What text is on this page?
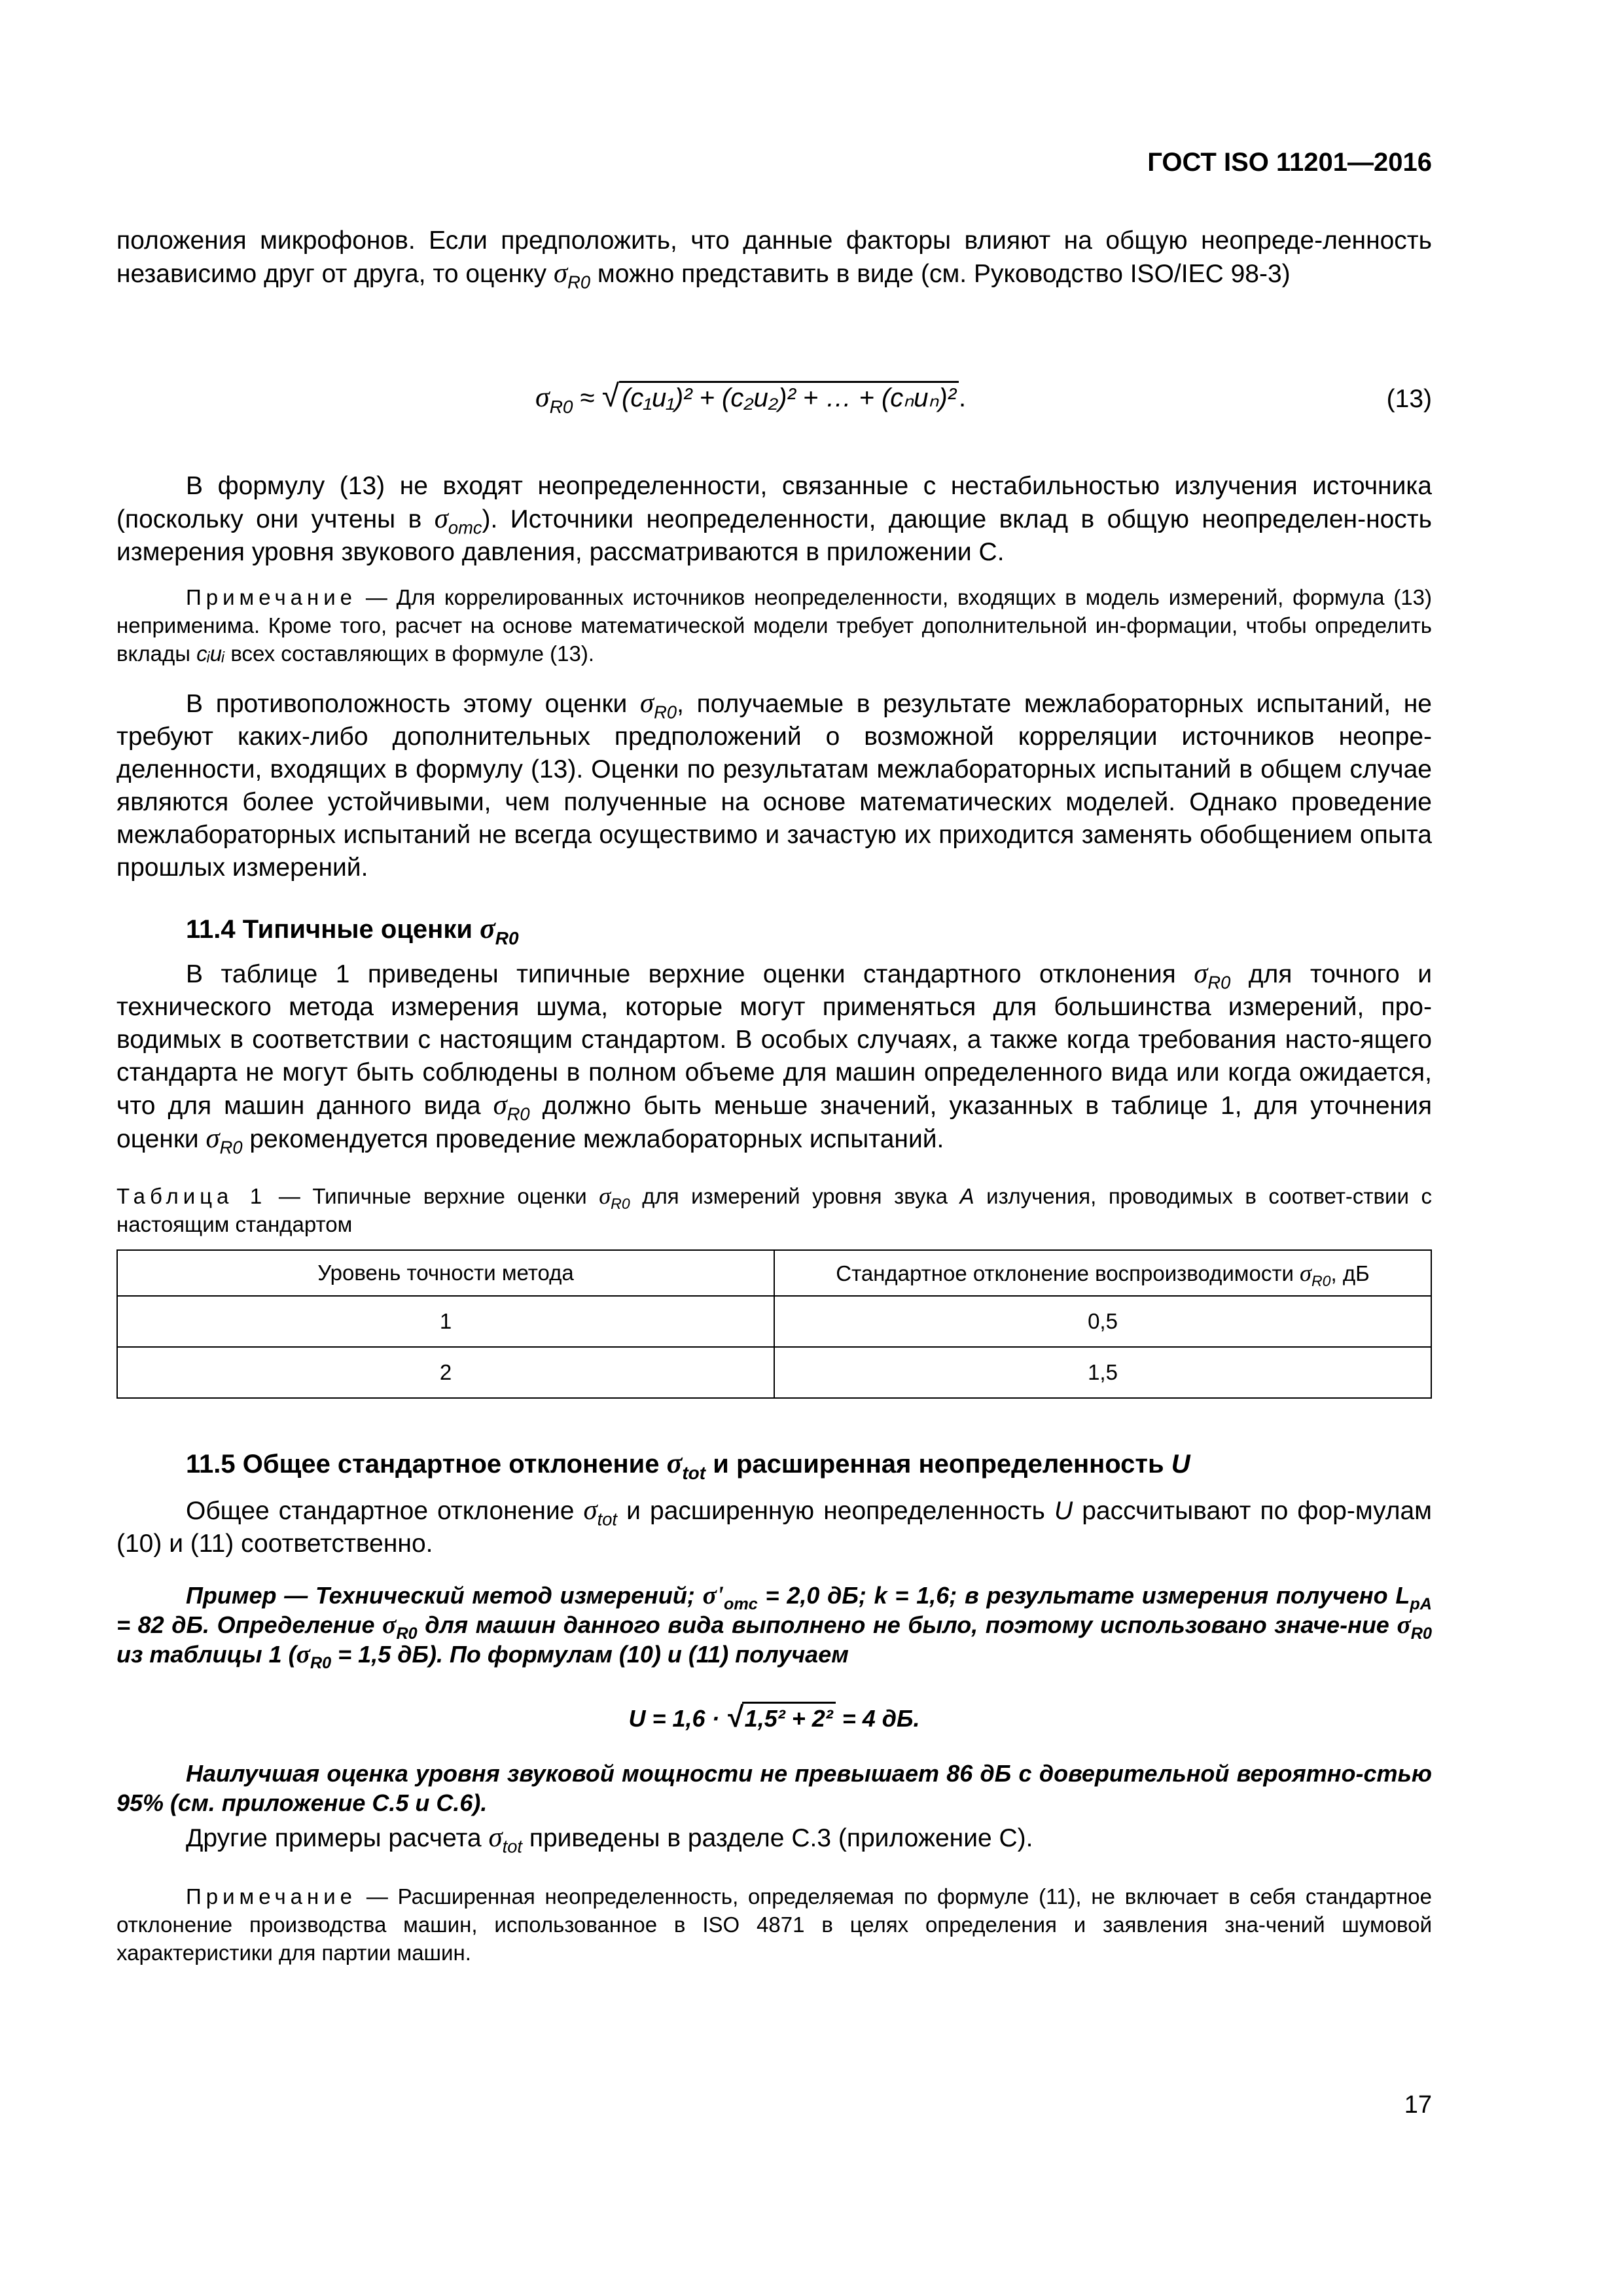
ГОСТ ISO 11201—2016

положения микрофонов. Если предположить, что данные факторы влияют на общую неопреде-ленность независимо друг от друга, то оценку $\sigma_{R0}$ можно представить в виде (см. Руководство ISO/IEC 98-3)

$\sigma_{R0}$ ≈ √ (c₁u₁)² + (c₂u₂)² + … + (cₙuₙ)² .	(13)

В формулу (13) не входят неопределенности, связанные с нестабильностью излучения источника (поскольку они учтены в $\sigma_{omc}$). Источники неопределенности, дающие вклад в общую неопределен-ность измерения уровня звукового давления, рассматриваются в приложении С.

Примечание — Для коррелированных источников неопределенности, входящих в модель измерений, формула (13) неприменима. Кроме того, расчет на основе математической модели требует дополнительной ин-формации, чтобы определить вклады cᵢuᵢ всех составляющих в формуле (13).

В противоположность этому оценки $\sigma_{R0}$, получаемые в результате межлабораторных испытаний, не требуют каких-либо дополнительных предположений о возможной корреляции источников неопре-деленности, входящих в формулу (13). Оценки по результатам межлабораторных испытаний в общем случае являются более устойчивыми, чем полученные на основе математических моделей. Однако проведение межлабораторных испытаний не всегда осуществимо и зачастую их приходится заменять обобщением опыта прошлых измерений.

11.4 Типичные оценки $\sigma_{R0}$

В таблице 1 приведены типичные верхние оценки стандартного отклонения $\sigma_{R0}$ для точного и технического метода измерения шума, которые могут применяться для большинства измерений, про-водимых в соответствии с настоящим стандартом. В особых случаях, а также когда требования насто-ящего стандарта не могут быть соблюдены в полном объеме для машин определенного вида или когда ожидается, что для машин данного вида $\sigma_{R0}$ должно быть меньше значений, указанных в таблице 1, для уточнения оценки $\sigma_{R0}$ рекомендуется проведение межлабораторных испытаний.

Таблица 1 — Типичные верхние оценки $\sigma_{R0}$ для измерений уровня звука A излучения, проводимых в соответ-ствии с настоящим стандартом

Уровень точности метода	Стандартное отклонение воспроизводимости $\sigma_{R0}$, дБ
1	0,5
2	1,5

11.5 Общее стандартное отклонение $\sigma_{tot}$ и расширенная неопределенность U

Общее стандартное отклонение $\sigma_{tot}$ и расширенную неопределенность U рассчитывают по фор-мулам (10) и (11) соответственно.

Пример — Технический метод измерений; $\sigma'_{omc} = 2,0$ дБ; k = 1,6; в результате измерения получено $L_{pA} = 82$ дБ. Определение $\sigma_{R0}$ для машин данного вида выполнено не было, поэтому использовано значе-ние $\sigma_{R0}$ из таблицы 1 ($\sigma_{R0} = 1,5$ дБ). По формулам (10) и (11) получаем

U = 1,6 · √ 1,5² + 2² = 4 дБ.

Наилучшая оценка уровня звуковой мощности не превышает 86 дБ с доверительной вероятно-стью 95% (см. приложение С.5 и С.6).

Другие примеры расчета $\sigma_{tot}$ приведены в разделе С.3 (приложение С).

Примечание — Расширенная неопределенность, определяемая по формуле (11), не включает в себя стандартное отклонение производства машин, использованное в ISO 4871 в целях определения и заявления зна-чений шумовой характеристики для партии машин.

17
